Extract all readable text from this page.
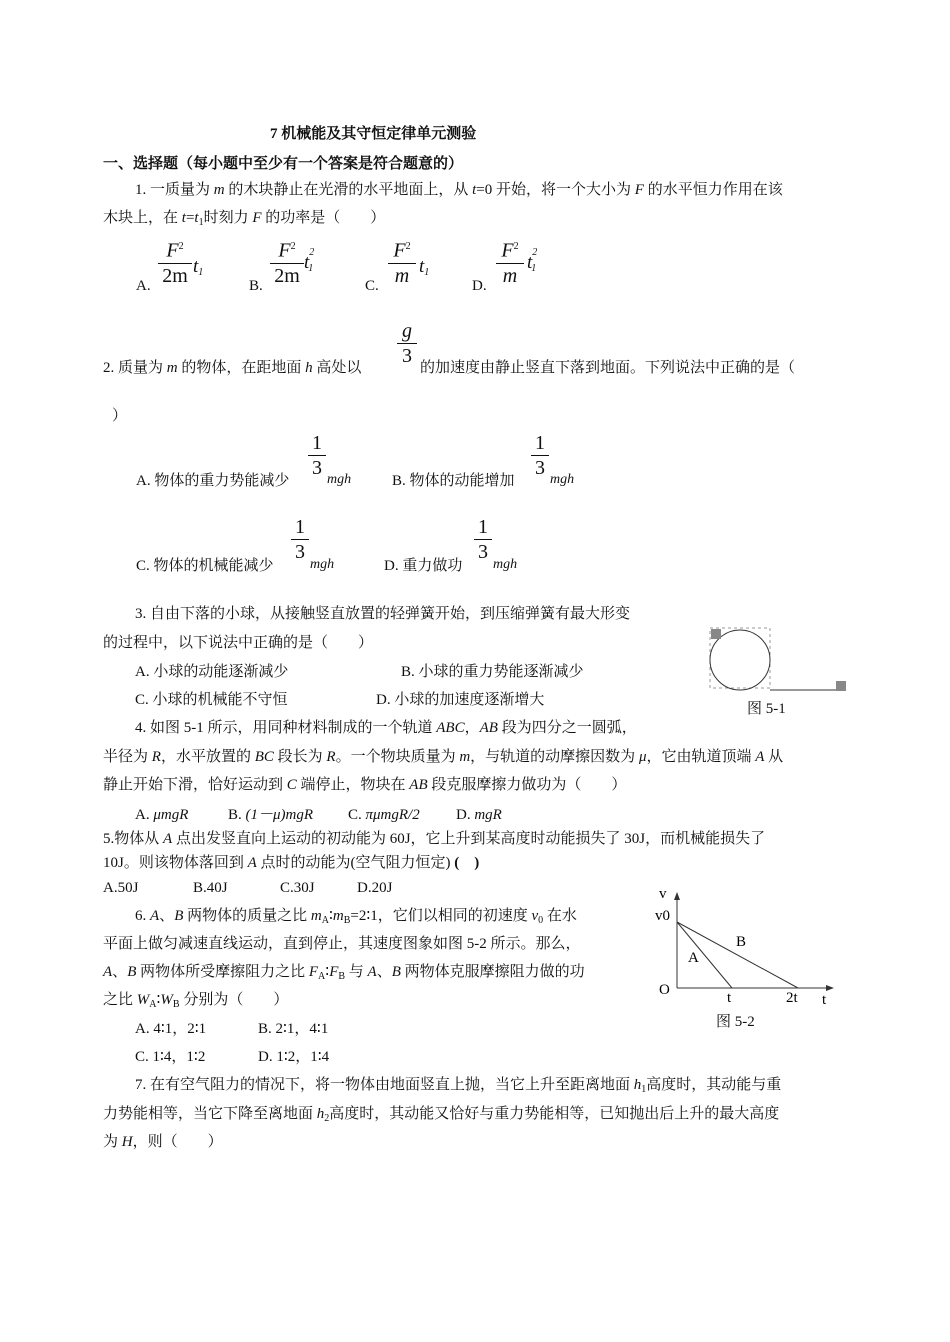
7 机械能及其守恒定律单元测验
一、选择题（每小题中至少有一个答案是符合题意的）
1. 一质量为 m 的木块静止在光滑的水平地面上，从 t=0 开始，将一个大小为 F 的水平恒力作用在该
木块上，在 $t=t_1$时刻力 F 的功率是（　　）
A.
$F^2$
2m $t_1$
B.
$F^2$
2m
$t^2_1$
C.
$F^2$
m $t_1$
D.
$F^2$
m
$t^2_1$
g
3
2. 质量为 m 的物体，在距地面 h 高处以	的加速度由静止竖直下落到地面。下列说法中正确的是（
）
A. 物体的重力势能减少
1
3
mgh	B. 物体的动能增加
1
3
mgh
C. 物体的机械能减少
1
3
mgh	D. 重力做功
1
3
mgh
3. 自由下落的小球，从接触竖直放置的轻弹簧开始，到压缩弹簧有最大形变
的过程中，以下说法中正确的是（　　）
A. 小球的动能逐渐减少	B. 小球的重力势能逐渐减少
C. 小球的机械能不守恒	D. 小球的加速度逐渐增大
图 5-1
4. 如图 5-1 所示，用同种材料制成的一个轨道 ABC，AB 段为四分之一圆弧，
半径为 R，水平放置的 BC 段长为 R。一个物块质量为 m，与轨道的动摩擦因数为 μ，它由轨道顶端 A 从
静止开始下滑，恰好运动到 C 端停止，物块在 AB 段克服摩擦力做功为（　　）
A. μmgR	B. (1－μ)mgR C. πμmgR/2 D. mgR
5.物体从 A 点出发竖直向上运动的初动能为 60J，它上升到某高度时动能损失了 30J，而机械能损失了
10J。则该物体落回到 A 点时的动能为(空气阻力恒定) (　)
A.50J	B.40J	C.30J	D.20J
6. A、B 两物体的质量之比 $m_A∶m_B=2∶1$，它们以相同的初速度 $v_0$ 在水
平面上做匀减速直线运动，直到停止，其速度图象如图 5-2 所示。那么，
A、B 两物体所受摩擦阻力之比 $F_A∶F_B$ 与 A、B 两物体克服摩擦阻力做的功
之比 $W_A∶W_B$ 分别为（　　）
A. 4∶1，2∶1	B. 2∶1，4∶1
C. 1∶4，1∶2	D. 1∶2，1∶4
v
v0
O
t
t	2t
A
B
图 5-2
7. 在有空气阻力的情况下，将一物体由地面竖直上抛，当它上升至距离地面 $h_1$高度时，其动能与重
力势能相等，当它下降至离地面 $h_2$高度时，其动能又恰好与重力势能相等，已知抛出后上升的最大高度
为 H，则（　　）
